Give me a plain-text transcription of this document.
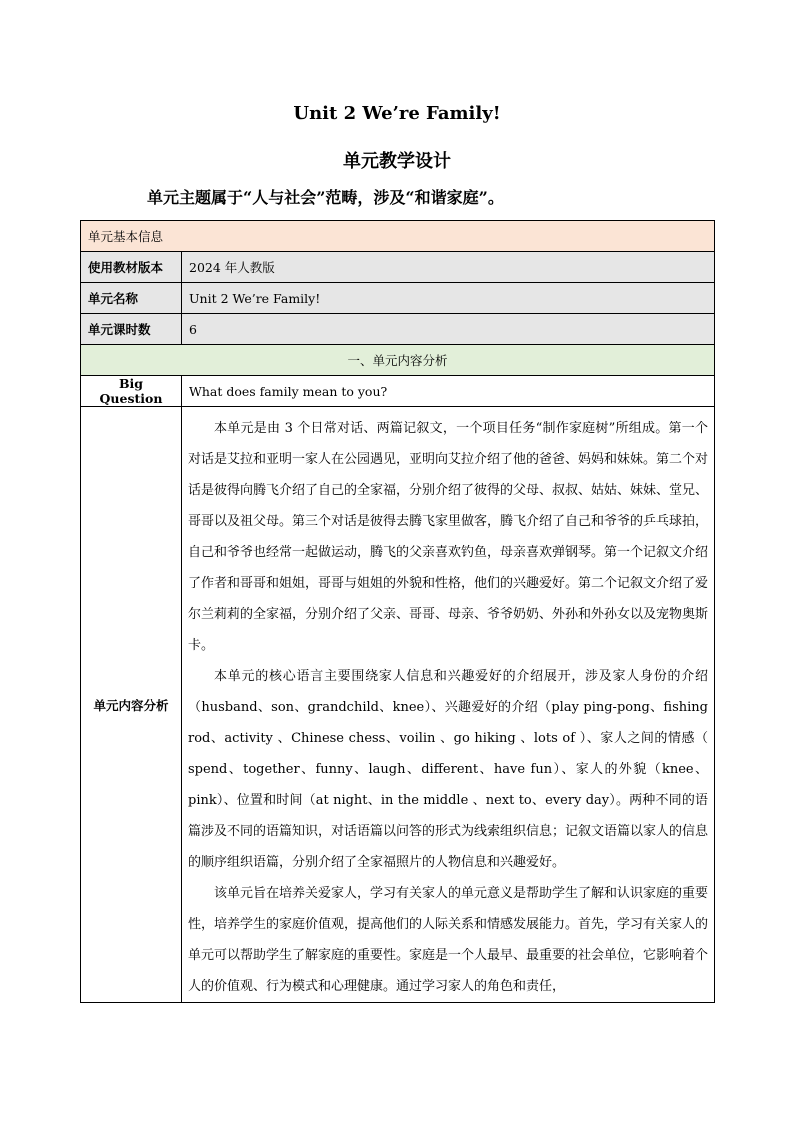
Unit 2 We’re Family!
单元教学设计
单元主题属于“人与社会”范畴，涉及“和谐家庭”。
单元基本信息	
使用教材版本	2024 年人教版
单元名称	Unit 2 We’re Family!
单元课时数	6
一、单元内容分析	
Big Question	What does family mean to you?
单元内容分析	本单元是由 3 个日常对话、两篇记叙文，一个项目任务“制作家庭树”所组成。第一个对话是艾拉和亚明一家人在公园遇见，亚明向艾拉介绍了他的爸爸、妈妈和妹妹。第二个对话是彼得向腾飞介绍了自己的全家福，分别介绍了彼得的父母、叔叔、姑姑、妹妹、堂兄、哥哥以及祖父母。第三个对话是彼得去腾飞家里做客，腾飞介绍了自己和爷爷的乒乓球拍，自己和爷爷也经常一起做运动，腾飞的父亲喜欢钓鱼，母亲喜欢弹钢琴。第一个记叙文介绍了作者和哥哥和姐姐，哥哥与姐姐的外貌和性格，他们的兴趣爱好。第二个记叙文介绍了爱尔兰莉莉的全家福，分别介绍了父亲、哥哥、母亲、爷爷奶奶、外孙和外孙女以及宠物奥斯卡。

本单元的核心语言主要围绕家人信息和兴趣爱好的介绍展开，涉及家人身份的介绍（husband、son、grandchild、knee）、兴趣爱好的介绍（play ping-pong、fishing rod、activity 、Chinese chess、voilin 、go hiking 、lots of ）、家人之间的情感（ spend、together、funny、laugh、different、have fun）、家人的外貌（knee、pink）、位置和时间（at night、in the middle 、next to、every day）。两种不同的语篇涉及不同的语篇知识，对话语篇以问答的形式为线索组织信息；记叙文语篇以家人的信息的顺序组织语篇，分别介绍了全家福照片的人物信息和兴趣爱好。

该单元旨在培养关爱家人，学习有关家人的单元意义是帮助学生了解和认识家庭的重要性，培养学生的家庭价值观，提高他们的人际关系和情感发展能力。首先，学习有关家人的单元可以帮助学生了解家庭的重要性。家庭是一个人最早、最重要的社会单位，它影响着个人的价值观、行为模式和心理健康。通过学习家人的角色和责任，
